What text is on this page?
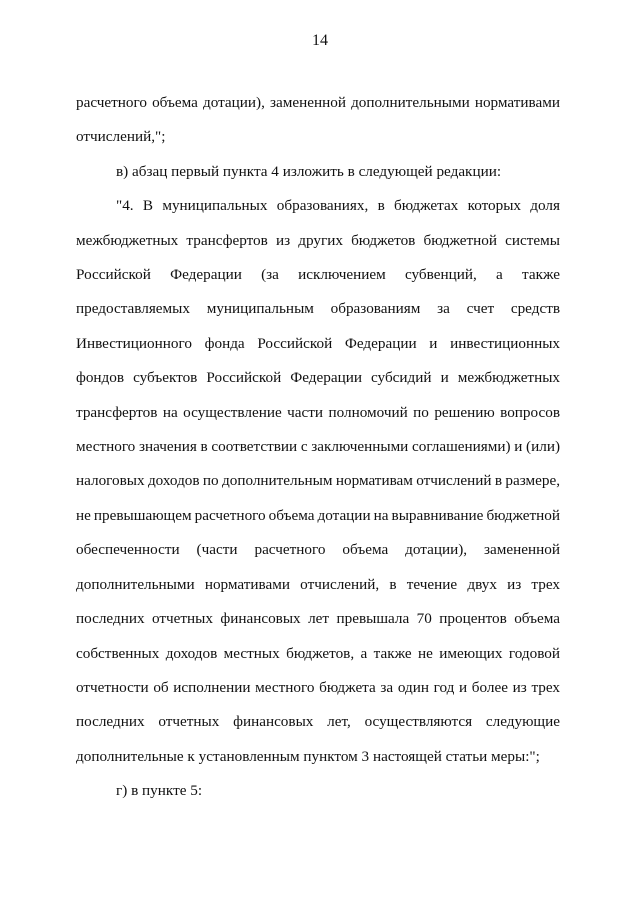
14
расчетного объема дотации), замененной дополнительными нормативами
отчислений,";
в) абзац первый пункта 4 изложить в следующей редакции:
"4. В муниципальных образованиях, в бюджетах которых доля
межбюджетных трансфертов из других бюджетов бюджетной системы
Российской Федерации (за исключением субвенций, а также
предоставляемых муниципальным образованиям за счет средств
Инвестиционного фонда Российской Федерации и инвестиционных
фондов субъектов Российской Федерации субсидий и межбюджетных
трансфертов на осуществление части полномочий по решению вопросов
местного значения в соответствии с заключенными соглашениями) и (или)
налоговых доходов по дополнительным нормативам отчислений в размере,
не превышающем расчетного объема дотации на выравнивание бюджетной
обеспеченности (части расчетного объема дотации), замененной
дополнительными нормативами отчислений, в течение двух из трех
последних отчетных финансовых лет превышала 70 процентов объема
собственных доходов местных бюджетов, а также не имеющих годовой
отчетности об исполнении местного бюджета за один год и более из трех
последних отчетных финансовых лет, осуществляются следующие
дополнительные к установленным пунктом 3 настоящей статьи меры:";
г) в пункте 5:
